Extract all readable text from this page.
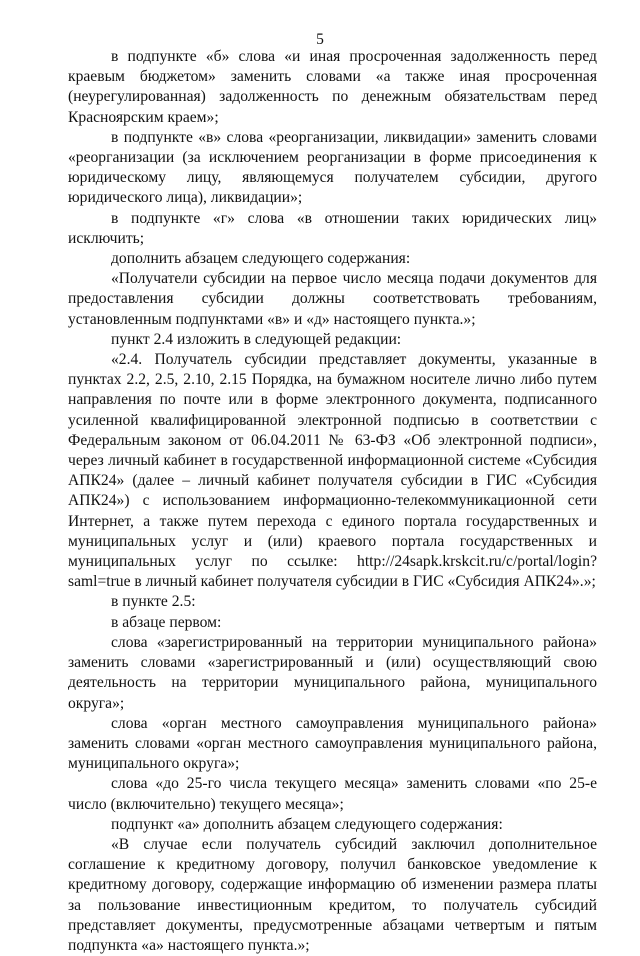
5

в подпункте «б» слова «и иная просроченная задолженность перед краевым бюджетом» заменить словами «а также иная просроченная (неурегулированная) задолженность по денежным обязательствам перед Красноярским краем»;

в подпункте «в» слова «реорганизации, ликвидации» заменить словами «реорганизации (за исключением реорганизации в форме присоединения к юридическому лицу, являющемуся получателем субсидии, другого юридического лица), ликвидации»;

в подпункте «г» слова «в отношении таких юридических лиц» исключить;

дополнить абзацем следующего содержания:

«Получатели субсидии на первое число месяца подачи документов для предоставления субсидии должны соответствовать требованиям, установленным подпунктами «в» и «д» настоящего пункта.»;

пункт 2.4 изложить в следующей редакции:

«2.4. Получатель субсидии представляет документы, указанные в пунктах 2.2, 2.5, 2.10, 2.15 Порядка, на бумажном носителе лично либо путем направления по почте или в форме электронного документа, подписанного усиленной квалифицированной электронной подписью в соответствии с Федеральным законом от 06.04.2011 № 63-ФЗ «Об электронной подписи», через личный кабинет в государственной информационной системе «Субсидия АПК24» (далее – личный кабинет получателя субсидии в ГИС «Субсидия АПК24») с использованием информационно-телекоммуникационной сети Интернет, а также путем перехода с единого портала государственных и муниципальных услуг и (или) краевого портала государственных и муниципальных услуг по ссылке: http://24sapk.krskcit.ru/c/portal/login?saml=true в личный кабинет получателя субсидии в ГИС «Субсидия АПК24».»;

в пункте 2.5:

в абзаце первом:

слова «зарегистрированный на территории муниципального района» заменить словами «зарегистрированный и (или) осуществляющий свою деятельность на территории муниципального района, муниципального округа»;

слова «орган местного самоуправления муниципального района» заменить словами «орган местного самоуправления муниципального района, муниципального округа»;

слова «до 25-го числа текущего месяца» заменить словами «по 25-е число (включительно) текущего месяца»;

подпункт «а» дополнить абзацем следующего содержания:

«В случае если получатель субсидий заключил дополнительное соглашение к кредитному договору, получил банковское уведомление к кредитному договору, содержащие информацию об изменении размера платы за пользование инвестиционным кредитом, то получатель субсидий представляет документы, предусмотренные абзацами четвертым и пятым подпункта «а» настоящего пункта.»;
